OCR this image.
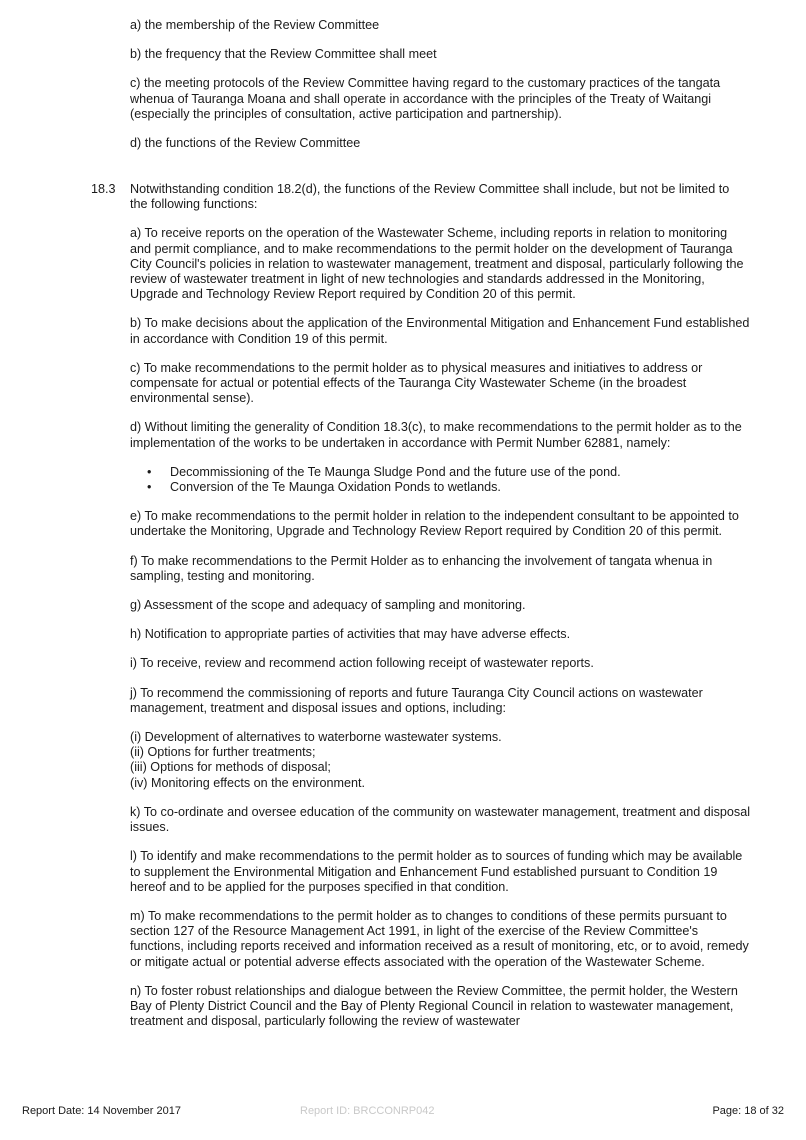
a) the membership of the Review Committee

b) the frequency that the Review Committee shall meet

c) the meeting protocols of the Review Committee having regard to the customary practices of the tangata whenua of Tauranga Moana and shall operate in accordance with the principles of the Treaty of Waitangi (especially the principles of consultation, active participation and partnership).

d) the functions of the Review Committee

18.3 Notwithstanding condition 18.2(d), the functions of the Review Committee shall include, but not be limited to the following functions:

a) To receive reports on the operation of the Wastewater Scheme, including reports in relation to monitoring and permit compliance, and to make recommendations to the permit holder on the development of Tauranga City Council's policies in relation to wastewater management, treatment and disposal, particularly following the review of wastewater treatment in light of new technologies and standards addressed in the Monitoring, Upgrade and Technology Review Report required by Condition 20 of this permit.

b) To make decisions about the application of the Environmental Mitigation and Enhancement Fund established in accordance with Condition 19 of this permit.

c) To make recommendations to the permit holder as to physical measures and initiatives to address or compensate for actual or potential effects of the Tauranga City Wastewater Scheme (in the broadest environmental sense).

d) Without limiting the generality of Condition 18.3(c), to make recommendations to the permit holder as to the implementation of the works to be undertaken in accordance with Permit Number 62881, namely:

• Decommissioning of the Te Maunga Sludge Pond and the future use of the pond.
• Conversion of the Te Maunga Oxidation Ponds to wetlands.

e) To make recommendations to the permit holder in relation to the independent consultant to be appointed to undertake the Monitoring, Upgrade and Technology Review Report required by Condition 20 of this permit.

f) To make recommendations to the Permit Holder as to enhancing the involvement of tangata whenua in sampling, testing and monitoring.

g) Assessment of the scope and adequacy of sampling and monitoring.

h) Notification to appropriate parties of activities that may have adverse effects.

i) To receive, review and recommend action following receipt of wastewater reports.

j) To recommend the commissioning of reports and future Tauranga City Council actions on wastewater management, treatment and disposal issues and options, including:

(i) Development of alternatives to waterborne wastewater systems.
(ii) Options for further treatments;
(iii) Options for methods of disposal;
(iv) Monitoring effects on the environment.

k) To co-ordinate and oversee education of the community on wastewater management, treatment and disposal issues.

l) To identify and make recommendations to the permit holder as to sources of funding which may be available to supplement the Environmental Mitigation and Enhancement Fund established pursuant to Condition 19 hereof and to be applied for the purposes specified in that condition.

m) To make recommendations to the permit holder as to changes to conditions of these permits pursuant to section 127 of the Resource Management Act 1991, in light of the exercise of the Review Committee's functions, including reports received and information received as a result of monitoring, etc, or to avoid, remedy or mitigate actual or potential adverse effects associated with the operation of the Wastewater Scheme.

n) To foster robust relationships and dialogue between the Review Committee, the permit holder, the Western Bay of Plenty District Council and the Bay of Plenty Regional Council in relation to wastewater management, treatment and disposal, particularly following the review of wastewater

Report Date: 14 November 2017	Report ID: BRCCONRP042	Page: 18 of 32
